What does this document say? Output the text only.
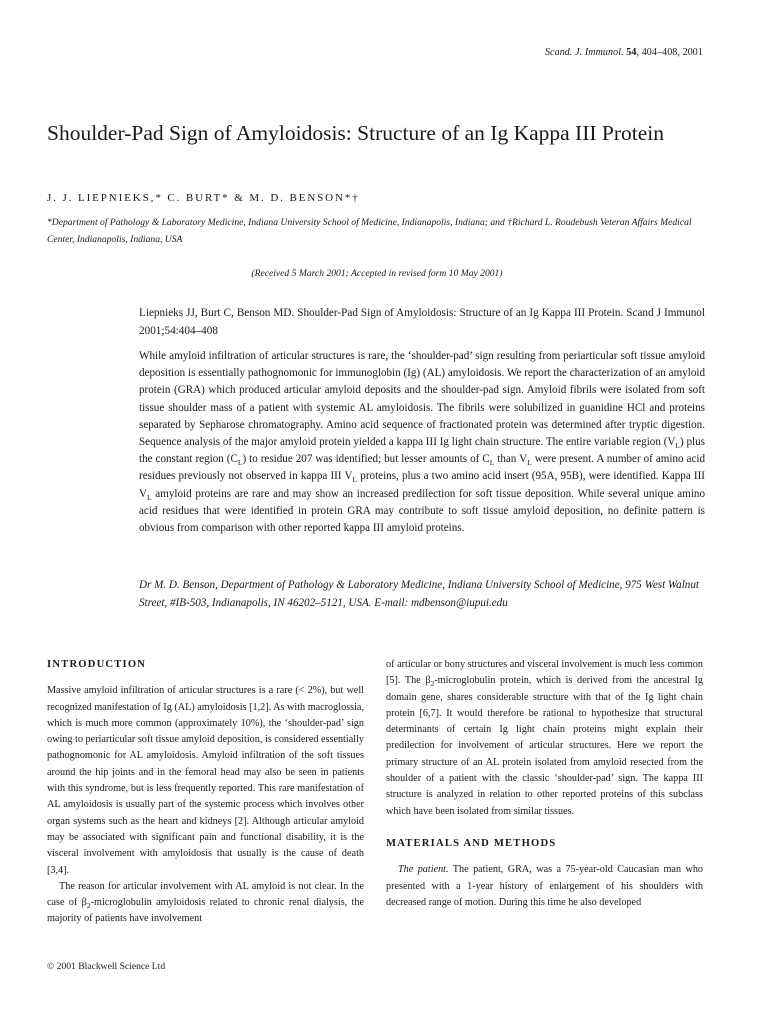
Scand. J. Immunol. 54, 404–408, 2001
Shoulder-Pad Sign of Amyloidosis: Structure of an Ig Kappa III Protein
J. J. LIEPNIEKS,* C. BURT* & M. D. BENSON*†
*Department of Pathology & Laboratory Medicine, Indiana University School of Medicine, Indianapolis, Indiana; and †Richard L. Roudebush Veteran Affairs Medical Center, Indianapolis, Indiana, USA
(Received 5 March 2001; Accepted in revised form 10 May 2001)
Liepnieks JJ, Burt C, Benson MD. Shoulder-Pad Sign of Amyloidosis: Structure of an Ig Kappa III Protein. Scand J Immunol 2001;54:404–408

While amyloid infiltration of articular structures is rare, the ‘shoulder-pad’ sign resulting from periarticular soft tissue amyloid deposition is essentially pathognomonic for immunoglobin (Ig) (AL) amyloidosis. We report the characterization of an amyloid protein (GRA) which produced articular amyloid deposits and the shoulder-pad sign. Amyloid fibrils were isolated from soft tissue shoulder mass of a patient with systemic AL amyloidosis. The fibrils were solubilized in guanidine HCl and proteins separated by Sepharose chromatography. Amino acid sequence of fractionated protein was determined after tryptic digestion. Sequence analysis of the major amyloid protein yielded a kappa III Ig light chain structure. The entire variable region $(V_L)$ plus the constant region $(C_L)$ to residue 207 was identified; but lesser amounts of $C_L$ than $V_L$ were present. A number of amino acid residues previously not observed in kappa III $V_L$ proteins, plus a two amino acid insert (95A, 95B), were identified. Kappa III $V_L$ amyloid proteins are rare and may show an increased predilection for soft tissue deposition. While several unique amino acid residues that were identified in protein GRA may contribute to soft tissue amyloid deposition, no definite pattern is obvious from comparison with other reported kappa III amyloid proteins.

Dr M. D. Benson, Department of Pathology & Laboratory Medicine, Indiana University School of Medicine, 975 West Walnut Street, #IB-503, Indianapolis, IN 46202–5121, USA. E-mail: mdbenson@iupui.edu
INTRODUCTION

Massive amyloid infiltration of articular structures is a rare (< 2%), but well recognized manifestation of Ig (AL) amyloidosis [1,2]. As with macroglossia, which is much more common (approximately 10%), the ‘shoulder-pad’ sign owing to periarticular soft tissue amyloid deposition, is considered essentially pathognomonic for AL amyloidosis. Amyloid infiltration of the soft tissues around the hip joints and in the femoral head may also be seen in patients with this syndrome, but is less frequently reported. This rare manifestation of AL amyloidosis is usually part of the systemic process which involves other organ systems such as the heart and kidneys [2]. Although articular amyloid may be associated with significant pain and functional disability, it is the visceral involvement with amyloidosis that usually is the cause of death [3,4].

The reason for articular involvement with AL amyloid is not clear. In the case of $\beta_2$-microglobulin amyloidosis related to chronic renal dialysis, the majority of patients have involvement

of articular or bony structures and visceral involvement is much less common [5]. The $\beta_2$-microglobulin protein, which is derived from the ancestral Ig domain gene, shares considerable structure with that of the Ig light chain protein [6,7]. It would therefore be rational to hypothesize that structural determinants of certain Ig light chain proteins might explain their predilection for involvement of articular structures. Here we report the primary structure of an AL protein isolated from amyloid resected from the shoulder of a patient with the classic ‘shoulder-pad’ sign. The kappa III structure is analyzed in relation to other reported proteins of this subclass which have been isolated from similar tissues.

MATERIALS AND METHODS

The patient. The patient, GRA, was a 75-year-old Caucasian man who presented with a 1-year history of enlargement of his shoulders with decreased range of motion. During this time he also developed

© 2001 Blackwell Science Ltd
